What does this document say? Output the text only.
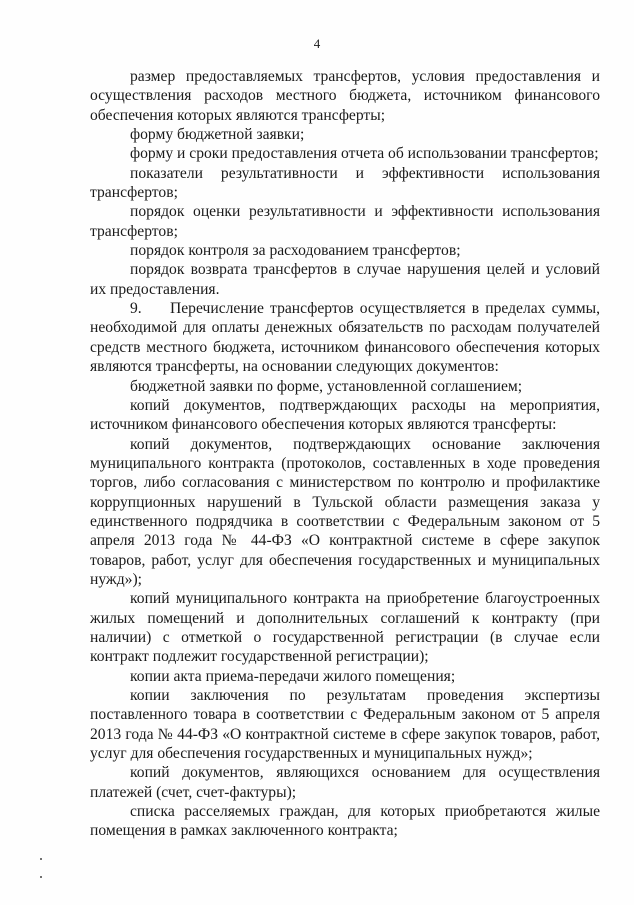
4

размер предоставляемых трансфертов, условия предоставления и осуществления расходов местного бюджета, источником финансового обеспечения которых являются трансферты;

форму бюджетной заявки;

форму и сроки предоставления отчета об использовании трансфертов;

показатели результативности и эффективности использования трансфертов;

порядок оценки результативности и эффективности использования трансфертов;

порядок контроля за расходованием трансфертов;

порядок возврата трансфертов в случае нарушения целей и условий их предоставления.

9. Перечисление трансфертов осуществляется в пределах суммы, необходимой для оплаты денежных обязательств по расходам получателей средств местного бюджета, источником финансового обеспечения которых являются трансферты, на основании следующих документов:

бюджетной заявки по форме, установленной соглашением;

копий документов, подтверждающих расходы на мероприятия, источником финансового обеспечения которых являются трансферты:

копий документов, подтверждающих основание заключения муниципального контракта (протоколов, составленных в ходе проведения торгов, либо согласования с министерством по контролю и профилактике коррупционных нарушений в Тульской области размещения заказа у единственного подрядчика в соответствии с Федеральным законом от 5 апреля 2013 года № 44-ФЗ «О контрактной системе в сфере закупок товаров, работ, услуг для обеспечения государственных и муниципальных нужд»);

копий муниципального контракта на приобретение благоустроенных жилых помещений и дополнительных соглашений к контракту (при наличии) с отметкой о государственной регистрации (в случае если контракт подлежит государственной регистрации);

копии акта приема-передачи жилого помещения;

копии заключения по результатам проведения экспертизы поставленного товара в соответствии с Федеральным законом от 5 апреля 2013 года № 44-ФЗ «О контрактной системе в сфере закупок товаров, работ, услуг для обеспечения государственных и муниципальных нужд»;

копий документов, являющихся основанием для осуществления платежей (счет, счет-фактуры);

списка расселяемых граждан, для которых приобретаются жилые помещения в рамках заключенного контракта;
